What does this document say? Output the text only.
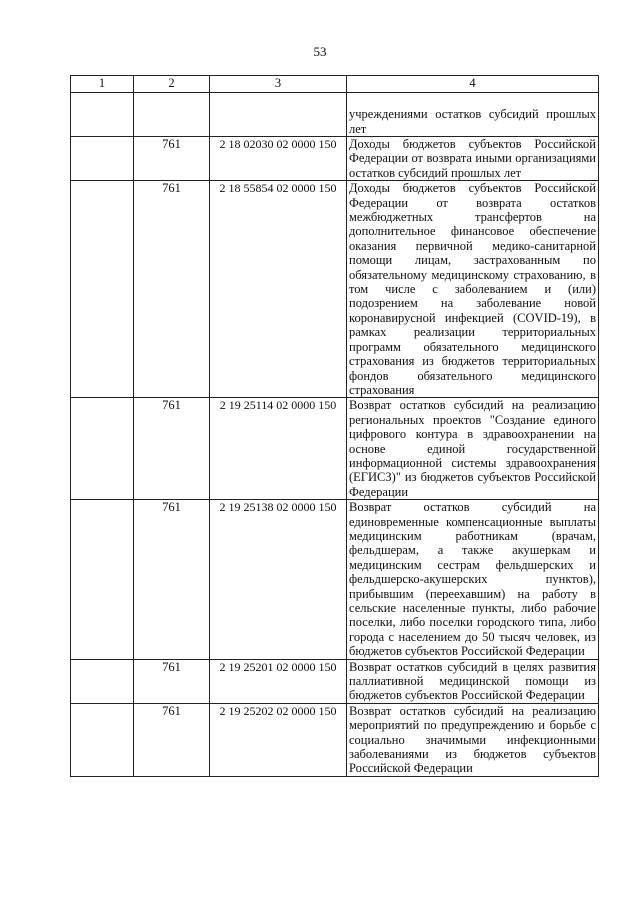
53
1	2	3	4
			учреждениями остатков субсидий прошлых лет
	761	2 18 02030 02 0000 150	Доходы бюджетов субъектов Российской Федерации от возврата иными организациями остатков субсидий прошлых лет
	761	2 18 55854 02 0000 150	Доходы бюджетов субъектов Российской Федерации от возврата остатков межбюджетных трансфертов на дополнительное финансовое обеспечение оказания первичной медико-санитарной помощи лицам, застрахованным по обязательному медицинскому страхованию, в том числе с заболеванием и (или) подозрением на заболевание новой коронавирусной инфекцией (COVID-19), в рамках реализации территориальных программ обязательного медицинского страхования из бюджетов территориальных фондов обязательного медицинского страхования
	761	2 19 25114 02 0000 150	Возврат остатков субсидий на реализацию региональных проектов "Создание единого цифрового контура в здравоохранении на основе единой государственной информационной системы здравоохранения (ЕГИСЗ)" из бюджетов субъектов Российской Федерации
	761	2 19 25138 02 0000 150	Возврат остатков субсидий на единовременные компенсационные выплаты медицинским работникам (врачам, фельдшерам, а также акушеркам и медицинским сестрам фельдшерских и фельдшерско-акушерских пунктов), прибывшим (переехавшим) на работу в сельские населенные пункты, либо рабочие поселки, либо поселки городского типа, либо города с населением до 50 тысяч человек, из бюджетов субъектов Российской Федерации
	761	2 19 25201 02 0000 150	Возврат остатков субсидий в целях развития паллиативной медицинской помощи из бюджетов субъектов Российской Федерации
	761	2 19 25202 02 0000 150	Возврат остатков субсидий на реализацию мероприятий по предупреждению и борьбе с социально значимыми инфекционными заболеваниями из бюджетов субъектов Российской Федерации
